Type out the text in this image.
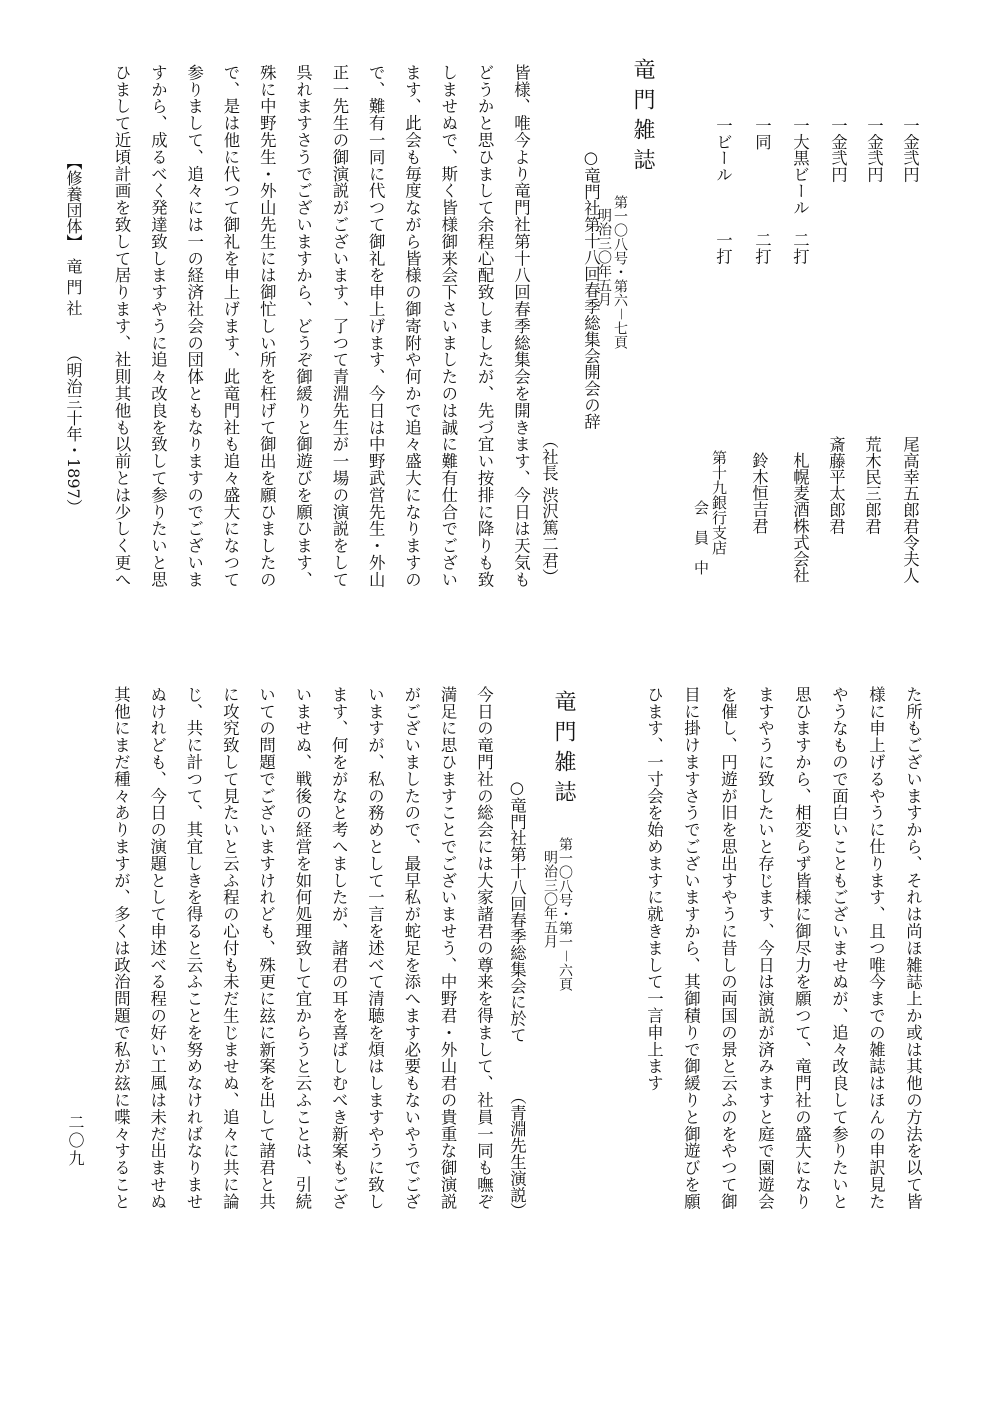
一金弐円
尾高幸五郎君令夫人
一金弐円
荒木民三郎君
一金弐円
斎藤平太郎君
一大黒ビール　二打
札幌麦酒株式会社
一同　　　　　二打
鈴木恒吉君
一ビール　　　一打
第十九銀行支店
会　員　中
竜門雑誌
第一〇八号・第六－七頁
明治三〇年五月
○竜門社第十八回春季総集会開会の辞
（社長 渋沢篤二君）
皆様、唯今より竜門社第十八回春季総集会を開きます、今日は天気も
どうかと思ひまして余程心配致しましたが、先づ宜い按排に降りも致
しませぬで、斯く皆様御来会下さいましたのは誠に難有仕合でござい
ます、此会も毎度ながら皆様の御寄附や何かで追々盛大になりますの
で、難有一同に代つて御礼を申上げます、今日は中野武営先生・外山
正一先生の御演説がございます、了つて青淵先生が一場の演説をして
呉れますさうでございますから、どうぞ御緩りと御遊びを願ひます、
殊に中野先生・外山先生には御忙しい所を枉げて御出を願ひましたの
で、是は他に代つて御礼を申上げます、此竜門社も追々盛大になつて
参りまして、追々には一の経済社会の団体ともなりますのでございま
すから、成るべく発達致しますやうに追々改良を致して参りたいと思
ひまして近頃計画を致して居ります、社則其他も以前とは少しく更へ
【修養団体】
竜門社
（明治三十年・1897）
た所もございますから、それは尚ほ雑誌上か或は其他の方法を以て皆
様に申上げるやうに仕ります、且つ唯今までの雑誌はほんの申訳見た
やうなもので面白いこともございませぬが、追々改良して参りたいと
思ひますから、相変らず皆様に御尽力を願つて、竜門社の盛大になり
ますやうに致したいと存じます、今日は演説が済みますと庭で園遊会
を催し、円遊が旧を思出すやうに昔しの両国の景と云ふのをやつて御
目に掛けますさうでございますから、其御積りで御緩りと御遊びを願
ひます、一寸会を始めますに就きまして一言申上ます
竜門雑誌
第一〇八号・第一－六頁
明治三〇年五月
○竜門社第十八回春季総集会に於て
（青淵先生演説）
今日の竜門社の総会には大家諸君の尊来を得まして、社員一同も嘸ぞ
満足に思ひますことでございませう、中野君・外山君の貴重な御演説
がございましたので、最早私が蛇足を添へます必要もないやうでござ
いますが、私の務めとして一言を述べて清聴を煩はしますやうに致し
ます、何をがなと考へましたが、諸君の耳を喜ばしむべき新案もござ
いませぬ、戦後の経営を如何処理致して宜からうと云ふことは、引続
いての問題でございますけれども、殊更に玆に新案を出して諸君と共
に攻究致して見たいと云ふ程の心付も未だ生じませぬ、追々に共に論
じ、共に計つて、其宜しきを得ると云ふことを努めなければなりませ
ぬけれども、今日の演題として申述べる程の好い工風は未だ出ませぬ
其他にまだ種々ありますが、多くは政治問題で私が玆に喋々すること
二〇九
